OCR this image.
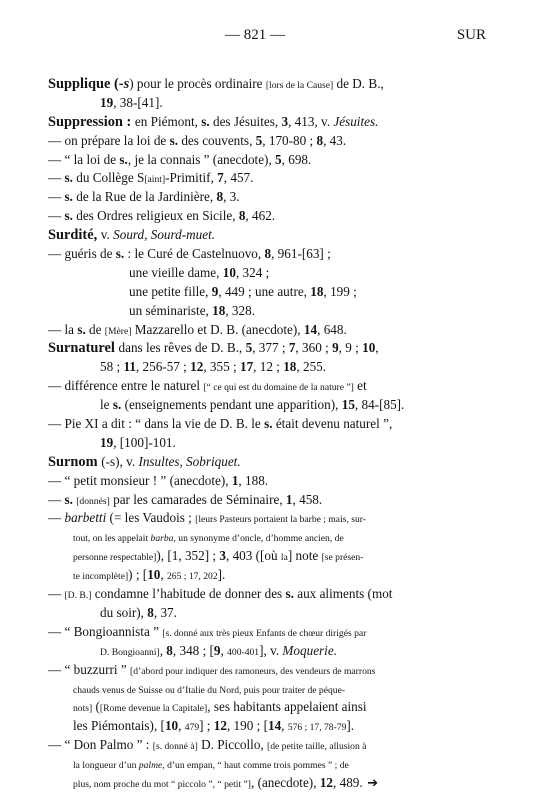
— 821 —	SUR
Supplique (-s) pour le procès ordinaire [lors de la Cause] de D. B.,
19, 38-[41].
Suppression : en Piémont, s. des Jésuites, 3, 413, v. Jésuites.
— on prépare la loi de s. des couvents, 5, 170-80 ; 8, 43.
— “ la loi de s., je la connais ” (anecdote), 5, 698.
— s. du Collège S[aint]-Primitif, 7, 457.
— s. de la Rue de la Jardinière, 8, 3.
— s. des Ordres religieux en Sicile, 8, 462.
Surdité, v. Sourd, Sourd-muet.
— guéris de s. : le Curé de Castelnuovo, 8, 961-[63] ;
une vieille dame, 10, 324 ;
une petite fille, 9, 449 ; une autre, 18, 199 ;
un séminariste, 18, 328.
— la s. de [Mère] Mazzarello et D. B. (anecdote), 14, 648.
Surnaturel dans les rêves de D. B., 5, 377 ; 7, 360 ; 9, 9 ; 10,
58 ; 11, 256-57 ; 12, 355 ; 17, 12 ; 18, 255.
— différence entre le naturel [“ ce qui est du domaine de la nature ”] et
le s. (enseignements pendant une apparition), 15, 84-[85].
— Pie XI a dit : “ dans la vie de D. B. le s. était devenu naturel ”,
19, [100]-101.
Surnom (-s), v. Insultes, Sobriquet.
— “ petit monsieur ! ” (anecdote), 1, 188.
— s. [donnés] par les camarades de Séminaire, 1, 458.
— barbetti (= les Vaudois ; [leurs Pasteurs portaient la barbe ; mais, sur-
tout, on les appelait barba, un synonyme d’oncle, d’homme ancien, de
personne respectable]), [1, 352] ; 3, 403 ([où la] note [se présen-
te incomplète]) ; [10, 265 ; 17, 202].
— [D. B.] condamne l’habitude de donner des s. aux aliments (mot
du soir), 8, 37.
— “ Bongioannista ” [s. donné aux très pieux Enfants de chœur dirigés par
D. Bongioanni], 8, 348 ; [9, 400-401], v. Moquerie.
— “ buzzurri ” [d’abord pour indiquer des ramoneurs, des vendeurs de marrons
chauds venus de Suisse ou d’Italie du Nord, puis pour traiter de péque-
nots] ([Rome devenue la Capitale], ses habitants appelaient ainsi
les Piémontais), [10, 479] ; 12, 190 ; [14, 576 ; 17, 78-79].
— “ Don Palmo ” : [s. donné à] D. Piccollo, [de petite taille, allusion à
la longueur d’un palme, d’un empan, “ haut comme trois pommes ” ; de
plus, nom proche du mot “ piccolo ”, “ petit ”], (anecdote), 12, 489. ➔
